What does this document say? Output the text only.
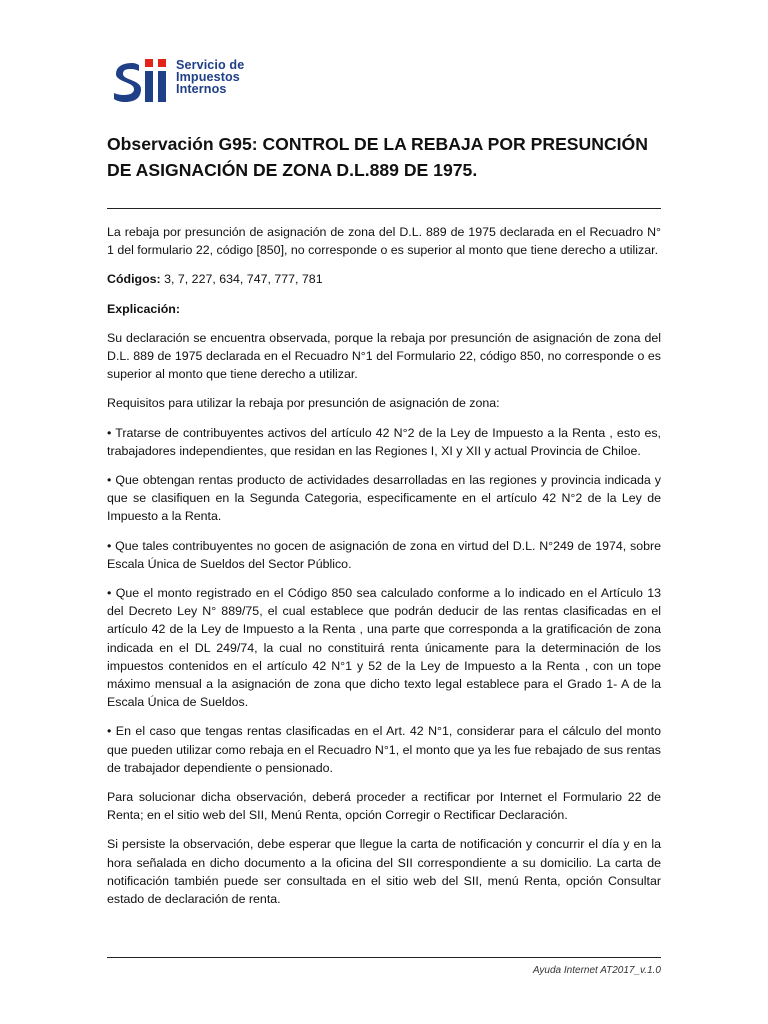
Servicio de
Impuestos
Internos
Observación G95: CONTROL DE LA REBAJA POR PRESUNCIÓN DE ASIGNACIÓN DE ZONA D.L.889 DE 1975.

La rebaja por presunción de asignación de zona del D.L. 889 de 1975 declarada en el Recuadro N° 1 del formulario 22, código [850], no corresponde o es superior al monto que tiene derecho a utilizar.

Códigos: 3, 7, 227, 634, 747, 777, 781

Explicación:

Su declaración se encuentra observada, porque la rebaja por presunción de asignación de zona del D.L. 889 de 1975 declarada en el Recuadro N°1 del Formulario 22, código 850, no corresponde o es superior al monto que tiene derecho a utilizar.

Requisitos para utilizar la rebaja por presunción de asignación de zona:

• Tratarse de contribuyentes activos del artículo 42 N°2 de la Ley de Impuesto a la Renta , esto es, trabajadores independientes, que residan en las Regiones I, XI y XII y actual Provincia de Chiloe.

• Que obtengan rentas producto de actividades desarrolladas en las regiones y provincia indicada y que se clasifiquen en la Segunda Categoria, especificamente en el artículo 42 N°2 de la Ley de Impuesto a la Renta.

• Que tales contribuyentes no gocen de asignación de zona en virtud del D.L. N°249 de 1974, sobre Escala Única de Sueldos del Sector Público.

• Que el monto registrado en el Código 850 sea calculado conforme a lo indicado en el Artículo 13 del Decreto Ley N° 889/75, el cual establece que podrán deducir de las rentas clasificadas en el artículo 42 de la Ley de Impuesto a la Renta , una parte que corresponda a la gratificación de zona indicada en el DL 249/74, la cual no constituirá renta únicamente para la determinación de los impuestos contenidos en el artículo 42 N°1 y 52 de la Ley de Impuesto a la Renta , con un tope máximo mensual a la asignación de zona que dicho texto legal establece para el Grado 1- A de la Escala Única de Sueldos.

• En el caso que tengas rentas clasificadas en el Art. 42 N°1, considerar para el cálculo del monto que pueden utilizar como rebaja en el Recuadro N°1, el monto que ya les fue rebajado de sus rentas de trabajador dependiente o pensionado.

Para solucionar dicha observación, deberá proceder a rectificar por Internet el Formulario 22 de Renta; en el sitio web del SII, Menú Renta, opción Corregir o Rectificar Declaración.

Si persiste la observación, debe esperar que llegue la carta de notificación y concurrir el día y en la hora señalada en dicho documento a la oficina del SII correspondiente a su domicilio. La carta de notificación también puede ser consultada en el sitio web del SII, menú Renta, opción Consultar estado de declaración de renta.

Ayuda Internet AT2017_v.1.0
